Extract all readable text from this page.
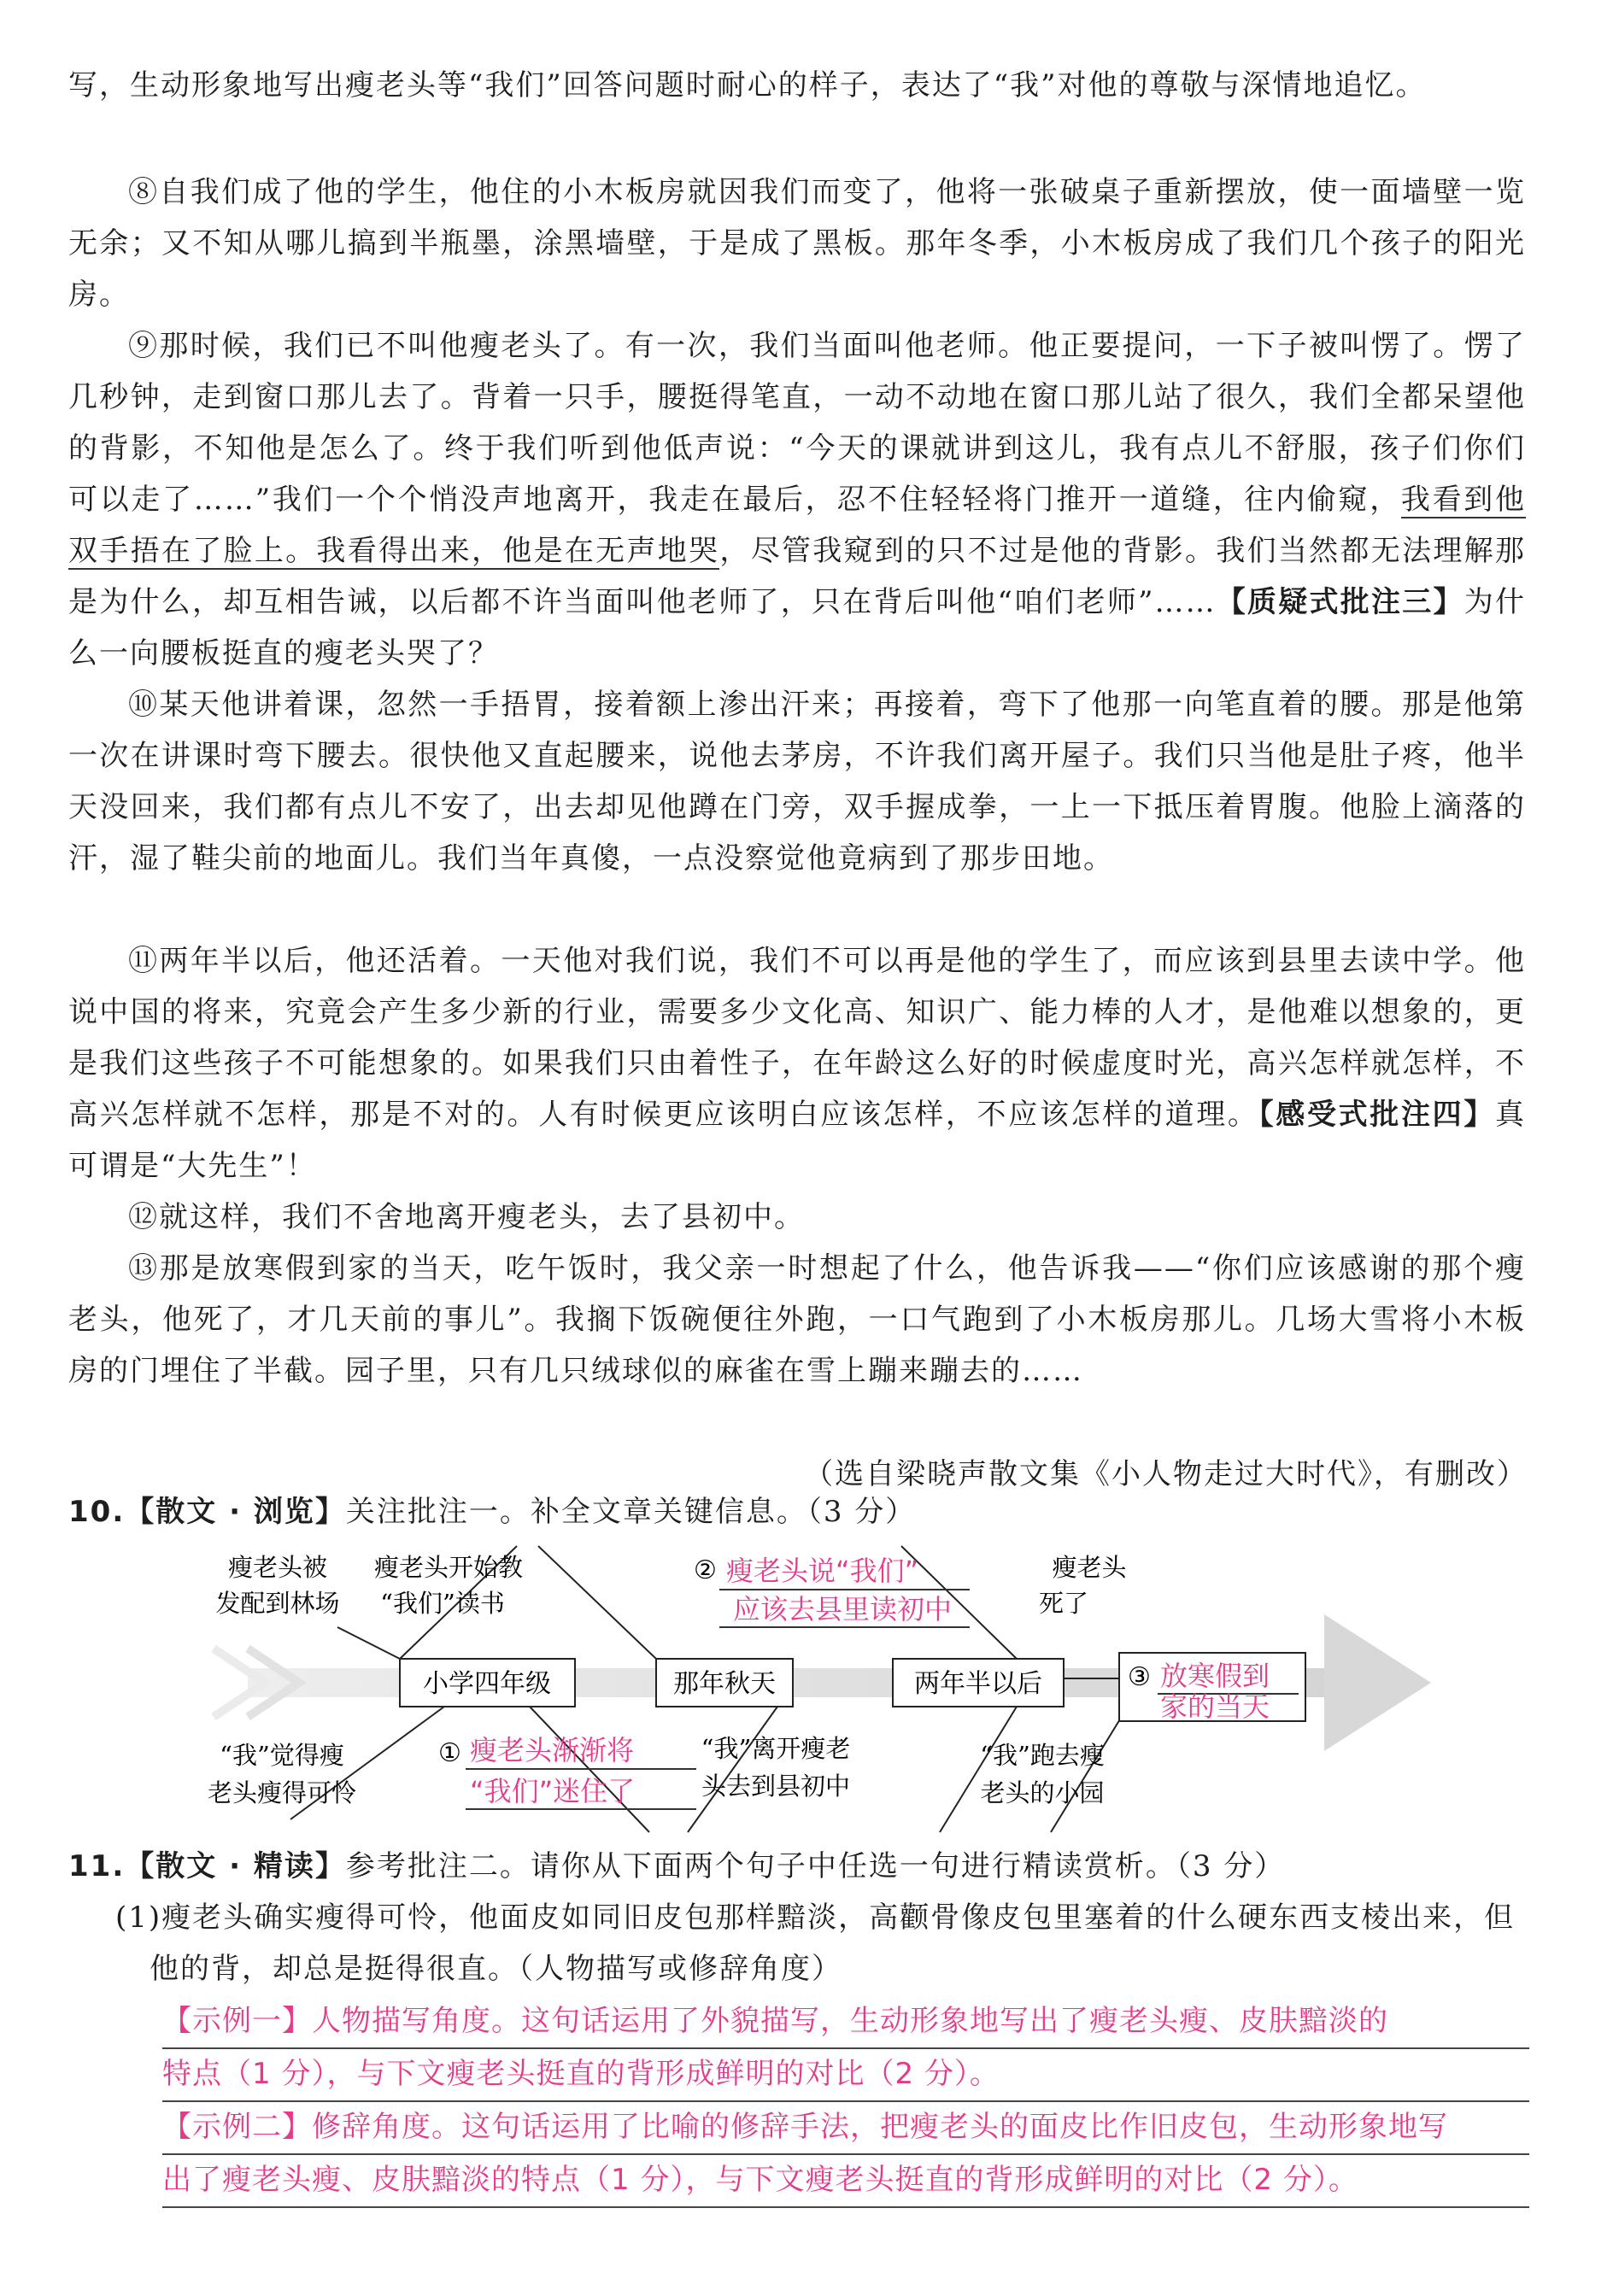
写，生动形象地写出瘦老头等“我们”回答问题时耐心的样子，表达了“我”对他的尊敬与深情地追忆。
⑧自我们成了他的学生，他住的小木板房就因我们而变了，他将一张破桌子重新摆放，使一面墙壁一览无余；又不知从哪儿搞到半瓶墨，涂黑墙壁，于是成了黑板。那年冬季，小木板房成了我们几个孩子的阳光房。
⑨那时候，我们已不叫他瘦老头了。有一次，我们当面叫他老师。他正要提问，一下子被叫愣了。愣了几秒钟，走到窗口那儿去了。背着一只手，腰挺得笔直，一动不动地在窗口那儿站了很久，我们全都呆望他的背影，不知他是怎么了。终于我们听到他低声说：“今天的课就讲到这儿，我有点儿不舒服，孩子们你们可以走了……”我们一个个悄没声地离开，我走在最后，忍不住轻轻将门推开一道缝，往内偷窥，我看到他双手捂在了脸上。我看得出来，他是在无声地哭，尽管我窥到的只不过是他的背影。我们当然都无法理解那是为什么，却互相告诫，以后都不许当面叫他老师了，只在背后叫他“咱们老师”……【质疑式批注三】为什么一向腰板挺直的瘦老头哭了？
⑩某天他讲着课，忽然一手捂胃，接着额上渗出汗来；再接着，弯下了他那一向笔直着的腰。那是他第一次在讲课时弯下腰去。很快他又直起腰来，说他去茅房，不许我们离开屋子。我们只当他是肚子疼，他半天没回来，我们都有点儿不安了，出去却见他蹲在门旁，双手握成拳，一上一下抵压着胃腹。他脸上滴落的汗，湿了鞋尖前的地面儿。我们当年真傻，一点没察觉他竟病到了那步田地。
⑪两年半以后，他还活着。一天他对我们说，我们不可以再是他的学生了，而应该到县里去读中学。他说中国的将来，究竟会产生多少新的行业，需要多少文化高、知识广、能力棒的人才，是他难以想象的，更是我们这些孩子不可能想象的。如果我们只由着性子，在年龄这么好的时候虚度时光，高兴怎样就怎样，不高兴怎样就不怎样，那是不对的。人有时候更应该明白应该怎样，不应该怎样的道理。【感受式批注四】真可谓是“大先生”！
⑫就这样，我们不舍地离开瘦老头，去了县初中。
⑬那是放寒假到家的当天，吃午饭时，我父亲一时想起了什么，他告诉我——“你们应该感谢的那个瘦老头，他死了，才几天前的事儿”。我搁下饭碗便往外跑，一口气跑到了小木板房那儿。几场大雪将小木板房的门埋住了半截。园子里，只有几只绒球似的麻雀在雪上蹦来蹦去的……
（选自梁晓声散文集《小人物走过大时代》，有删改）
10.【散文 · 浏览】关注批注一。补全文章关键信息。（3 分）
小学四年级	那年秋天	两年半以后
瘦老头被
发配到林场
瘦老头开始教
“我们”读书
瘦老头
死了
“我”觉得瘦
老头瘦得可怜
“我”离开瘦老
头去到县初中
“我”跑去瘦
老头的小园
② 瘦老头说“我们”
应该去县里读初中
③ 放寒假到
家的当天
① 瘦老头渐渐将
“我们”迷住了
11.【散文 · 精读】参考批注二。请你从下面两个句子中任选一句进行精读赏析。（3 分）
(1)瘦老头确实瘦得可怜，他面皮如同旧皮包那样黯淡，高颧骨像皮包里塞着的什么硬东西支棱出来，但他的背，却总是挺得很直。（人物描写或修辞角度）
【示例一】人物描写角度。这句话运用了外貌描写，生动形象地写出了瘦老头瘦、皮肤黯淡的
特点（1 分），与下文瘦老头挺直的背形成鲜明的对比（2 分）。
【示例二】修辞角度。这句话运用了比喻的修辞手法，把瘦老头的面皮比作旧皮包，生动形象地写
出了瘦老头瘦、皮肤黯淡的特点（1 分），与下文瘦老头挺直的背形成鲜明的对比（2 分）。
